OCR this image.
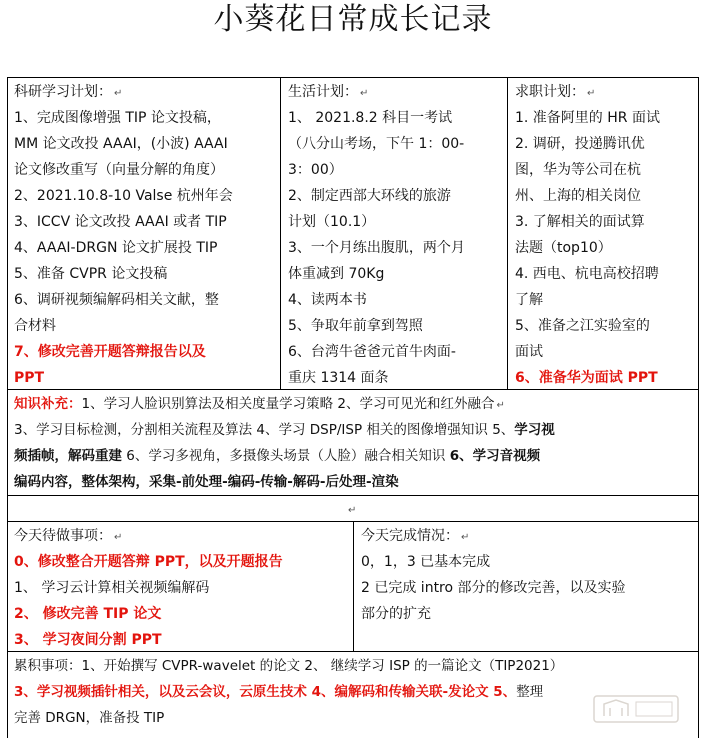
小葵花日常成长记录
科研学习计划： ↵
1、完成图像增强 TIP 论文投稿，
MM 论文改投 AAAI，(小波) AAAI
论文修改重写（向量分解的角度）
2、2021.10.8-10 Valse 杭州年会
3、ICCV 论文改投 AAAI 或者 TIP
4、AAAI-DRGN 论文扩展投 TIP
5、准备 CVPR 论文投稿
6、调研视频编解码相关文献，整
合材料
7、修改完善开题答辩报告以及
PPT
生活计划： ↵
1、 2021.8.2 科目一考试
（八分山考场，下午 1：00-
3：00）
2、制定西部大环线的旅游
计划（10.1）
3、一个月练出腹肌，两个月
体重减到 70Kg
4、读两本书
5、争取年前拿到驾照
6、台湾牛爸爸元首牛肉面-
重庆 1314 面条
求职计划： ↵
1. 准备阿里的 HR 面试
2. 调研，投递腾讯优
图，华为等公司在杭
州、上海的相关岗位
3. 了解相关的面试算
法题（top10）
4. 西电、杭电高校招聘
了解
5、准备之江实验室的
面试
6、准备华为面试 PPT
知识补充：1、学习人脸识别算法及相关度量学习策略 2、学习可见光和红外融合 ↵
3、学习目标检测，分割相关流程及算法 4、学习 DSP/ISP 相关的图像增强知识 5、学习视
频插帧，解码重建 6、学习多视角，多摄像头场景（人脸）融合相关知识 6、学习音视频
编码内容，整体架构，采集-前处理-编码-传输-解码-后处理-渲染
↵
今天待做事项： ↵
0、修改整合开题答辩 PPT，以及开题报告
1、 学习云计算相关视频编解码
2、 修改完善 TIP 论文
3、 学习夜间分割 PPT
今天完成情况： ↵
0，1，3 已基本完成
2 已完成 intro 部分的修改完善，以及实验
部分的扩充
累积事项：1、开始撰写 CVPR-wavelet 的论文 2、 继续学习 ISP 的一篇论文（TIP2021）
3、学习视频插针相关，以及云会议，云原生技术 4、编解码和传输关联-发论文 5、整理
完善 DRGN，准备投 TIP
